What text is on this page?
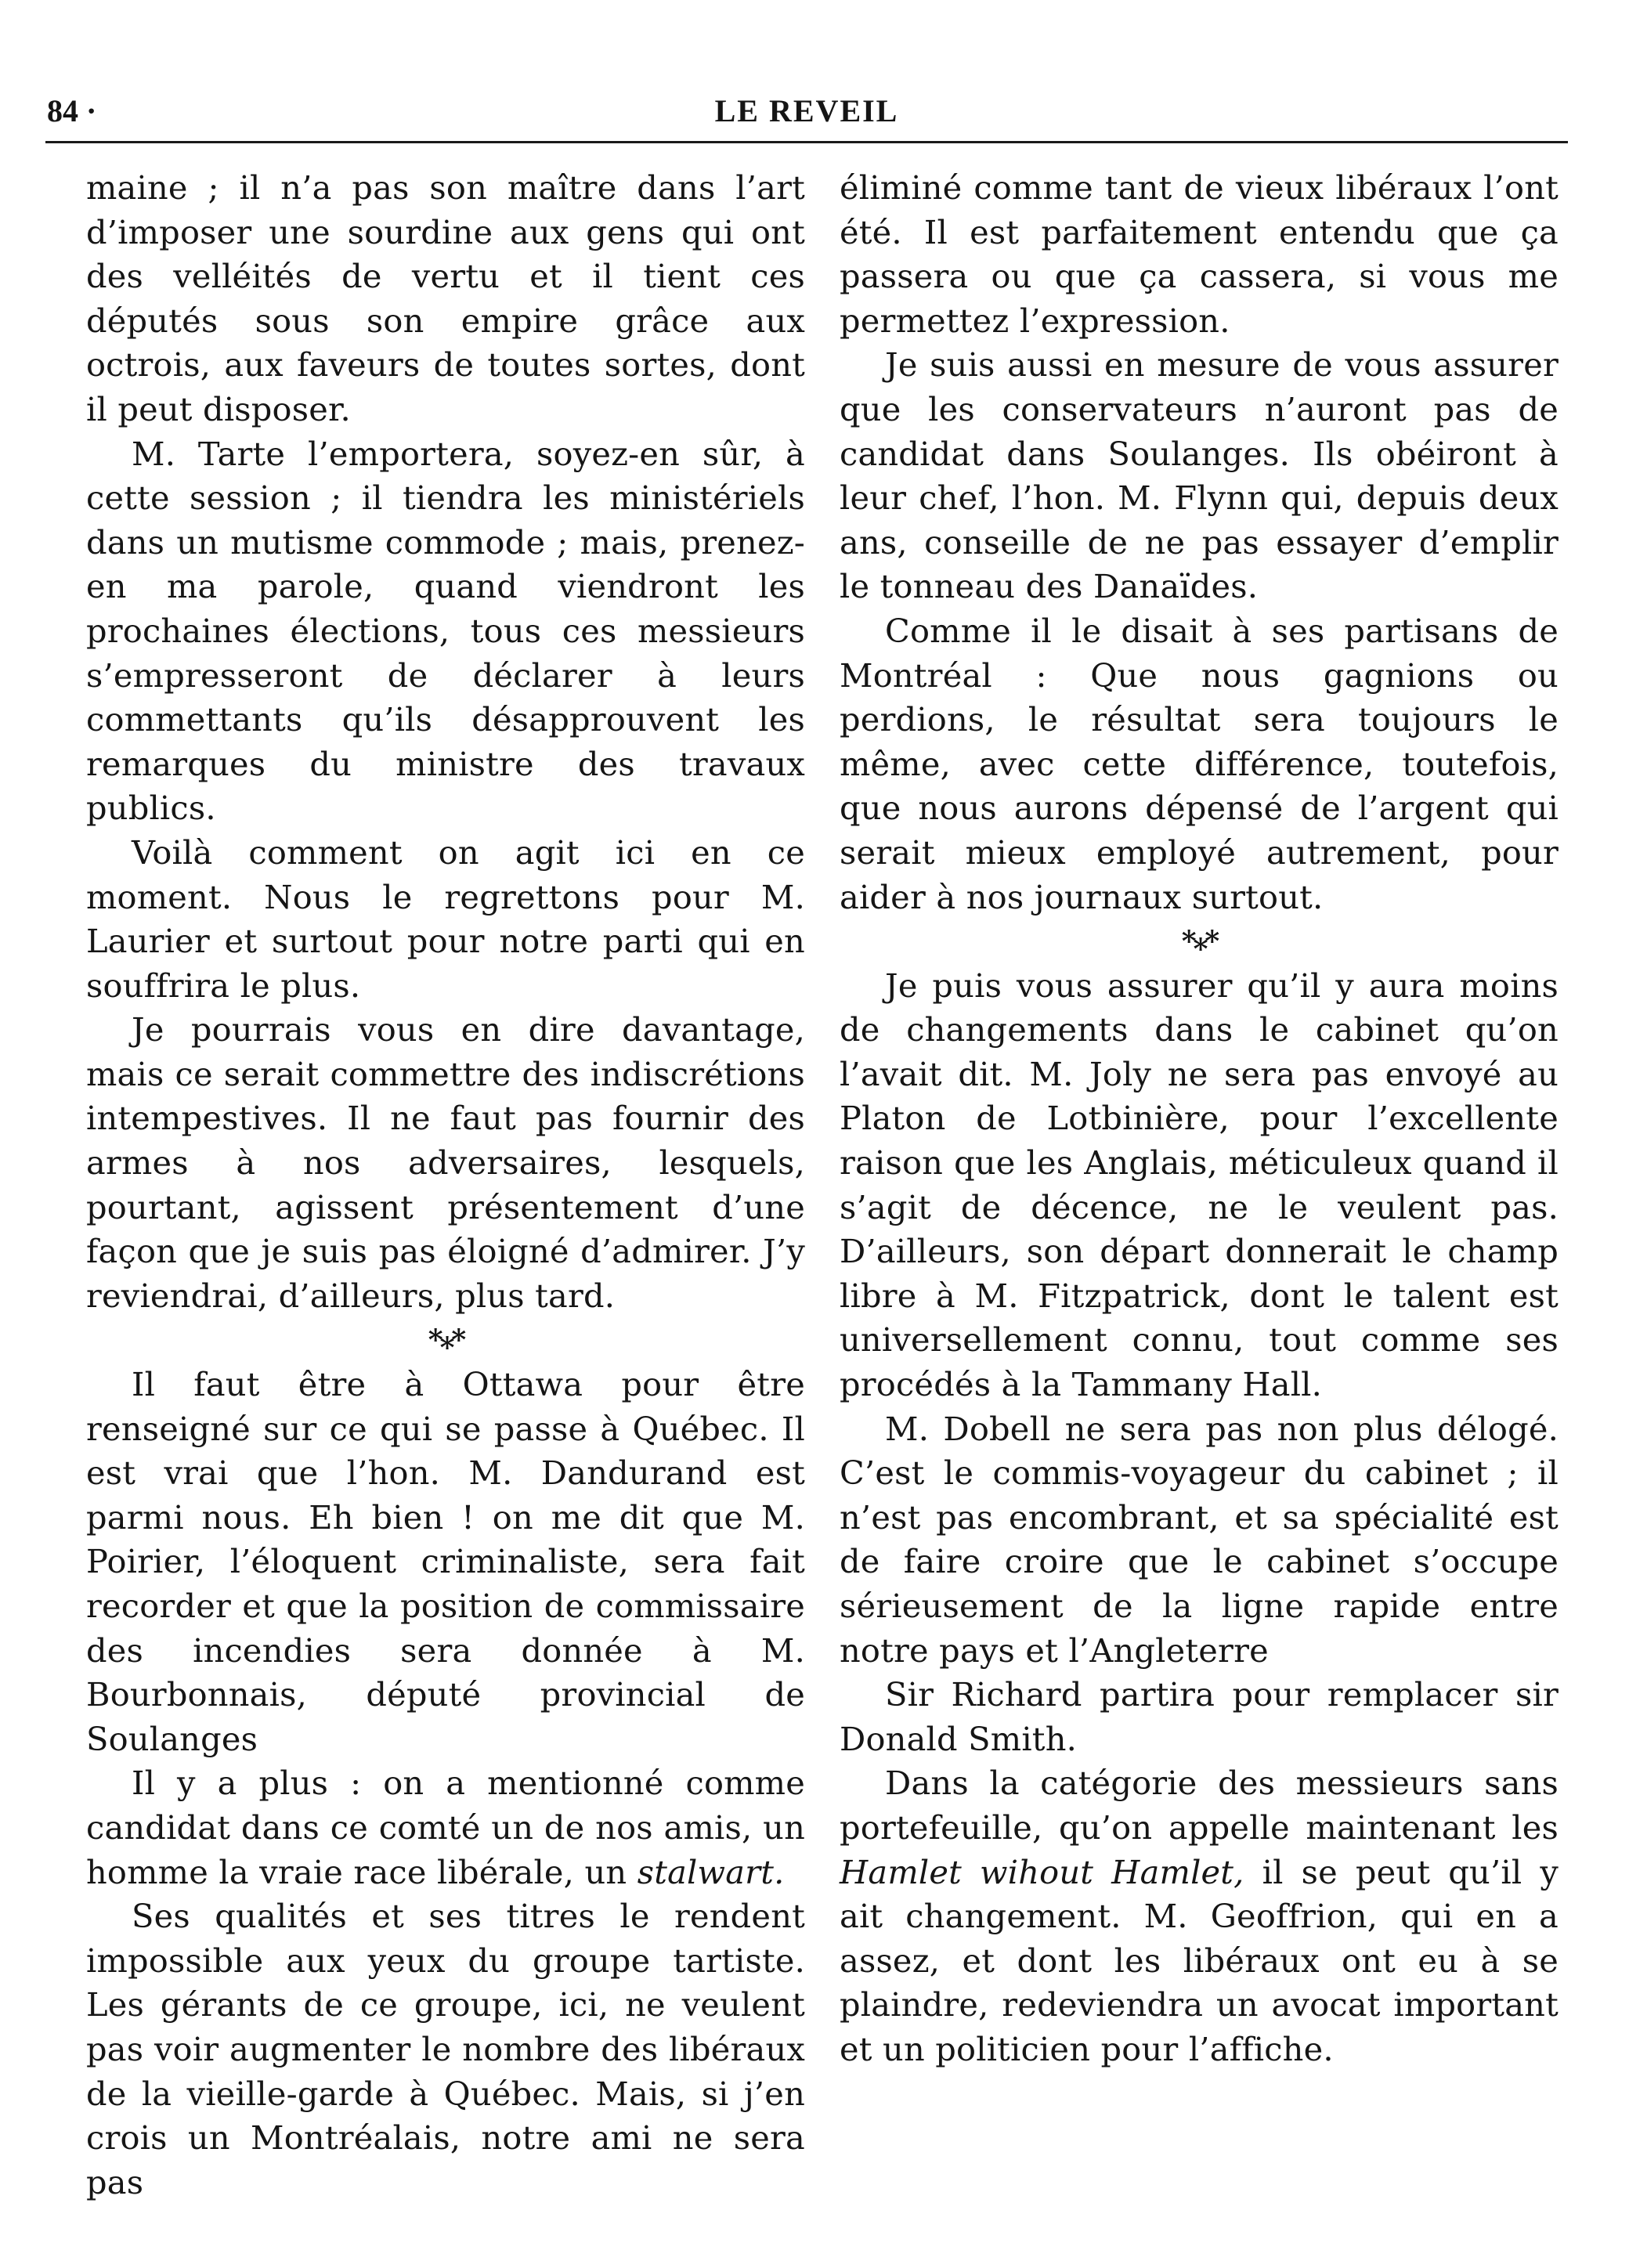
84 ·	LE REVEIL

maine ; il n’a pas son maître dans l’art d’imposer une sourdine aux gens qui ont des velléités de vertu et il tient ces députés sous son empire grâce aux octrois, aux faveurs de toutes sortes, dont il peut disposer.

M. Tarte l’emportera, soyez-en sûr, à cette session ; il tiendra les ministériels dans un mutisme commode ; mais, prenez-en ma parole, quand viendront les prochaines élections, tous ces messieurs s’empresseront de déclarer à leurs commettants qu’ils désapprouvent les remarques du ministre des travaux publics.

Voilà comment on agit ici en ce moment. Nous le regrettons pour M. Laurier et surtout pour notre parti qui en souffrira le plus.

Je pourrais vous en dire davantage, mais ce serait commettre des indiscrétions intempestives. Il ne faut pas fournir des armes à nos adversaires, lesquels, pourtant, agissent présentement d’une façon que je suis pas éloigné d’admirer. J’y reviendrai, d’ailleurs, plus tard.

*⁎*

Il faut être à Ottawa pour être renseigné sur ce qui se passe à Québec. Il est vrai que l’hon. M. Dandurand est parmi nous. Eh bien ! on me dit que M. Poirier, l’éloquent criminaliste, sera fait recorder et que la position de commissaire des incendies sera donnée à M. Bourbonnais, député provincial de Soulanges

Il y a plus : on a mentionné comme candidat dans ce comté un de nos amis, un homme la vraie race libérale, un stalwart.

Ses qualités et ses titres le rendent impossible aux yeux du groupe tartiste. Les gérants de ce groupe, ici, ne veulent pas voir augmenter le nombre des libéraux de la vieille-garde à Québec. Mais, si j’en crois un Montréalais, notre ami ne sera pas

éliminé comme tant de vieux libéraux l’ont été. Il est parfaitement entendu que ça passera ou que ça cassera, si vous me permettez l’expression.

Je suis aussi en mesure de vous assurer que les conservateurs n’auront pas de candidat dans Soulanges. Ils obéiront à leur chef, l’hon. M. Flynn qui, depuis deux ans, conseille de ne pas essayer d’emplir le tonneau des Danaïdes.

Comme il le disait à ses partisans de Montréal : Que nous gagnions ou perdions, le résultat sera toujours le même, avec cette différence, toutefois, que nous aurons dépensé de l’argent qui serait mieux employé autrement, pour aider à nos journaux surtout.

*⁎*

Je puis vous assurer qu’il y aura moins de changements dans le cabinet qu’on l’avait dit. M. Joly ne sera pas envoyé au Platon de Lotbinière, pour l’excellente raison que les Anglais, méticuleux quand il s’agit de décence, ne le veulent pas. D’ailleurs, son départ donnerait le champ libre à M. Fitzpatrick, dont le talent est universellement connu, tout comme ses procédés à la Tammany Hall.

M. Dobell ne sera pas non plus délogé. C’est le commis-voyageur du cabinet ; il n’est pas encombrant, et sa spécialité est de faire croire que le cabinet s’occupe sérieusement de la ligne rapide entre notre pays et l’Angleterre

Sir Richard partira pour remplacer sir Donald Smith.

Dans la catégorie des messieurs sans portefeuille, qu’on appelle maintenant les Hamlet wihout Hamlet, il se peut qu’il y ait changement. M. Geoffrion, qui en a assez, et dont les libéraux ont eu à se plaindre, redeviendra un avocat important et un politicien pour l’affiche.
